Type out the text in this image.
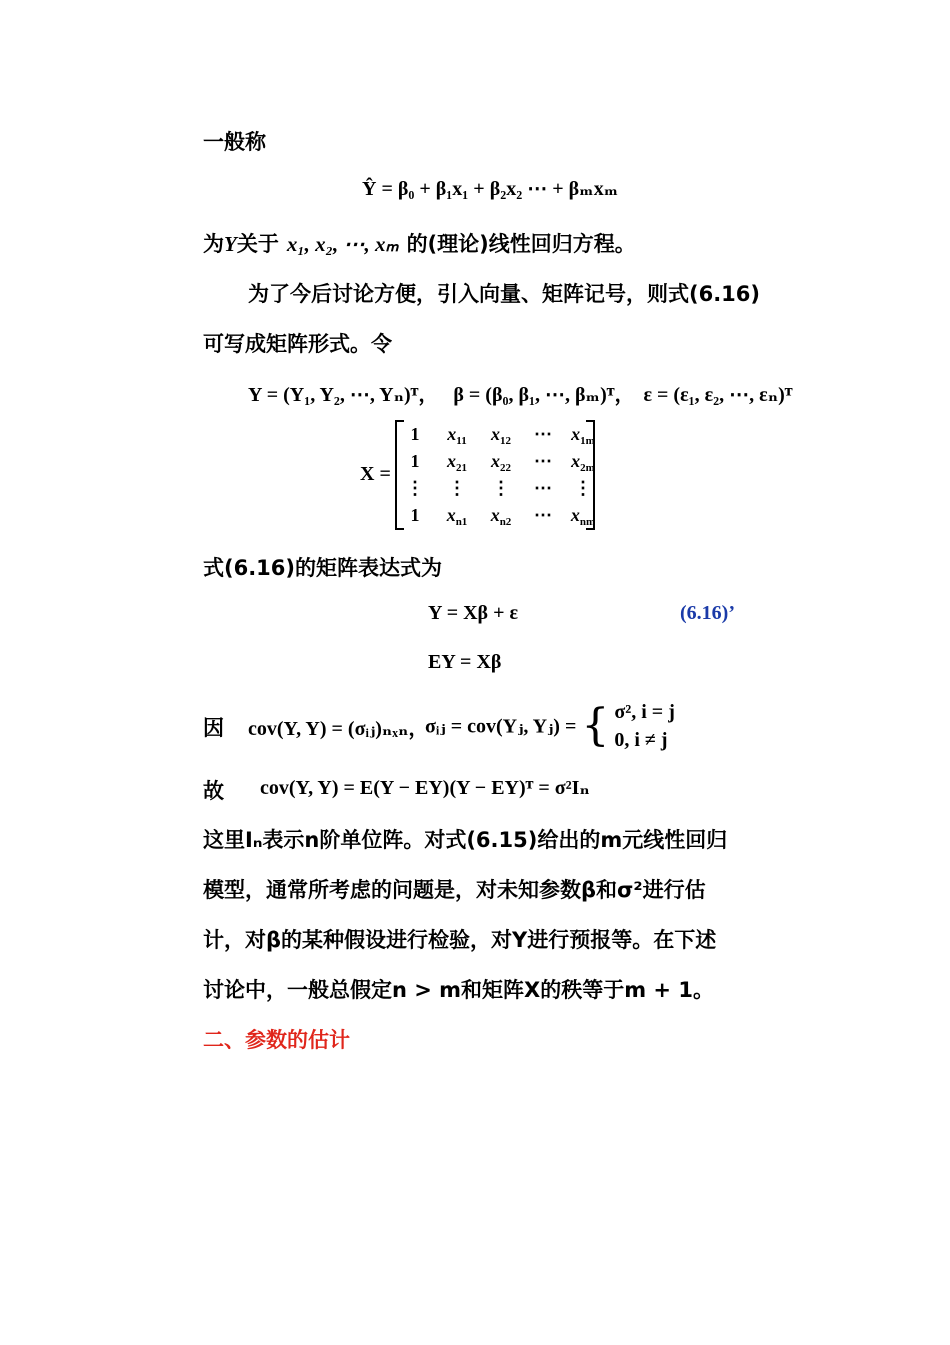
一般称
Ŷ = β₀ + β₁x₁ + β₂x₂ ⋯ + βₘxₘ
为Y关于 x₁, x₂, ⋯, xₘ 的(理论)线性回归方程。
为了今后讨论方便，引入向量、矩阵记号，则式(6.16)
可写成矩阵形式。令
Y = (Y₁, Y₂, ⋯, Yₙ)ᵀ， β = (β₀, β₁, ⋯, βₘ)ᵀ， ε = (ε₁, ε₂, ⋯, εₙ)ᵀ
X =
1	$x_{11}$	$x_{12}$	⋯	$x_{1m}$
1	$x_{21}$	$x_{22}$	⋯	$x_{2m}$
⋮	⋮	⋮	⋯	⋮
1	$x_{n1}$	$x_{n2}$	⋯	$x_{nm}$
式(6.16)的矩阵表达式为
Y = Xβ + ε	(6.16)’
EY = Xβ
因 cov(Y, Y) = (σᵢⱼ)ₙₓₙ，
σᵢⱼ = cov(Yⱼ, Yⱼ) = { σ², i = j
0, i ≠ j
故 cov(Y, Y) = E(Y − EY)(Y − EY)ᵀ = σ²Iₙ
这里Iₙ表示n阶单位阵。对式(6.15)给出的m元线性回归
模型，通常所考虑的问题是，对未知参数β和σ²进行估
计，对β的某种假设进行检验，对Y进行预报等。在下述
讨论中，一般总假定n > m和矩阵X的秩等于m + 1。
二、参数的估计
